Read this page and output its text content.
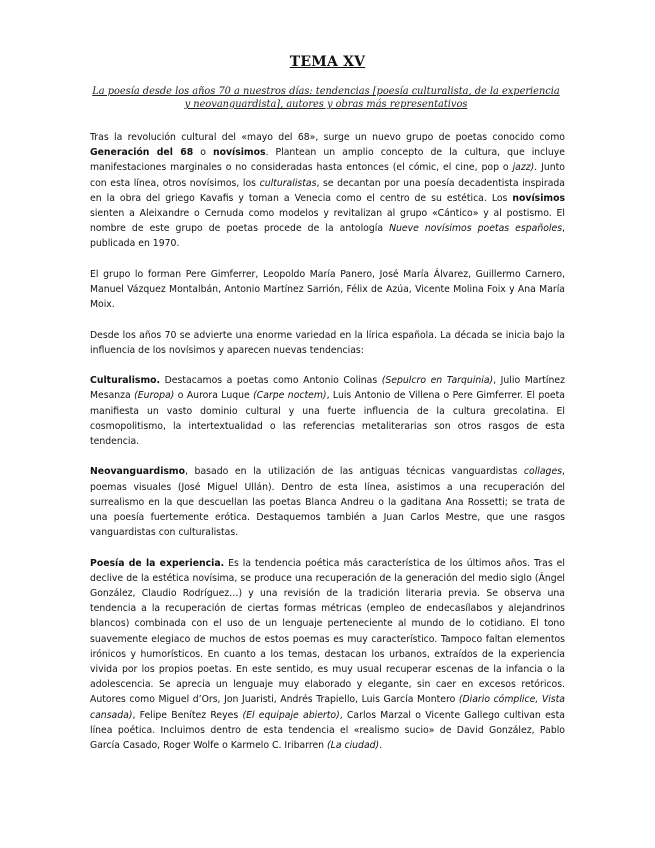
TEMA XV

La poesía desde los años 70 a nuestros días: tendencias [poesía culturalista, de la experiencia y neovanguardista], autores y obras más representativos

Tras la revolución cultural del «mayo del 68», surge un nuevo grupo de poetas conocido como Generación del 68 o novísimos. Plantean un amplio concepto de la cultura, que incluye manifestaciones marginales o no consideradas hasta entonces (el cómic, el cine, pop o jazz). Junto con esta línea, otros novísimos, los culturalistas, se decantan por una poesía decadentista inspirada en la obra del griego Kavafis y toman a Venecia como el centro de su estética. Los novísimos sienten a Aleixandre o Cernuda como modelos y revitalizan al grupo «Cántico» y al postismo. El nombre de este grupo de poetas procede de la antología Nueve novísimos poetas españoles, publicada en 1970.

El grupo lo forman Pere Gimferrer, Leopoldo María Panero, José María Álvarez, Guillermo Carnero, Manuel Vázquez Montalbán, Antonio Martínez Sarrión, Félix de Azúa, Vicente Molina Foix y Ana María Moix.

Desde los años 70 se advierte una enorme variedad en la lírica española. La década se inicia bajo la influencia de los novísimos y aparecen nuevas tendencias:

Culturalismo. Destacamos a poetas como Antonio Colinas (Sepulcro en Tarquinia), Julio Martínez Mesanza (Europa) o Aurora Luque (Carpe noctem), Luis Antonio de Villena o Pere Gimferrer. El poeta manifiesta un vasto dominio cultural y una fuerte influencia de la cultura grecolatina. El cosmopolitismo, la intertextualidad o las referencias metaliterarias son otros rasgos de esta tendencia.

Neovanguardismo, basado en la utilización de las antiguas técnicas vanguardistas collages, poemas visuales (José Miguel Ullán). Dentro de esta línea, asistimos a una recuperación del surrealismo en la que descuellan las poetas Blanca Andreu o la gaditana Ana Rossetti; se trata de una poesía fuertemente erótica. Destaquemos también a Juan Carlos Mestre, que une rasgos vanguardistas con culturalistas.

Poesía de la experiencia. Es la tendencia poética más característica de los últimos años. Tras el declive de la estética novísima, se produce una recuperación de la generación del medio siglo (Ángel González, Claudio Rodríguez…) y una revisión de la tradición literaria previa. Se observa una tendencia a la recuperación de ciertas formas métricas (empleo de endecasílabos y alejandrinos blancos) combinada con el uso de un lenguaje perteneciente al mundo de lo cotidiano. El tono suavemente elegiaco de muchos de estos poemas es muy característico. Tampoco faltan elementos irónicos y humorísticos. En cuanto a los temas, destacan los urbanos, extraídos de la experiencia vivida por los propios poetas. En este sentido, es muy usual recuperar escenas de la infancia o la adolescencia. Se aprecia un lenguaje muy elaborado y elegante, sin caer en excesos retóricos. Autores como Miguel d’Ors, Jon Juaristi, Andrés Trapiello, Luis García Montero (Diario cómplice, Vista cansada), Felipe Benítez Reyes (El equipaje abierto), Carlos Marzal o Vicente Gallego cultivan esta línea poética. Incluimos dentro de esta tendencia el «realismo sucio» de David González, Pablo García Casado, Roger Wolfe o Karmelo C. Iribarren (La ciudad).
